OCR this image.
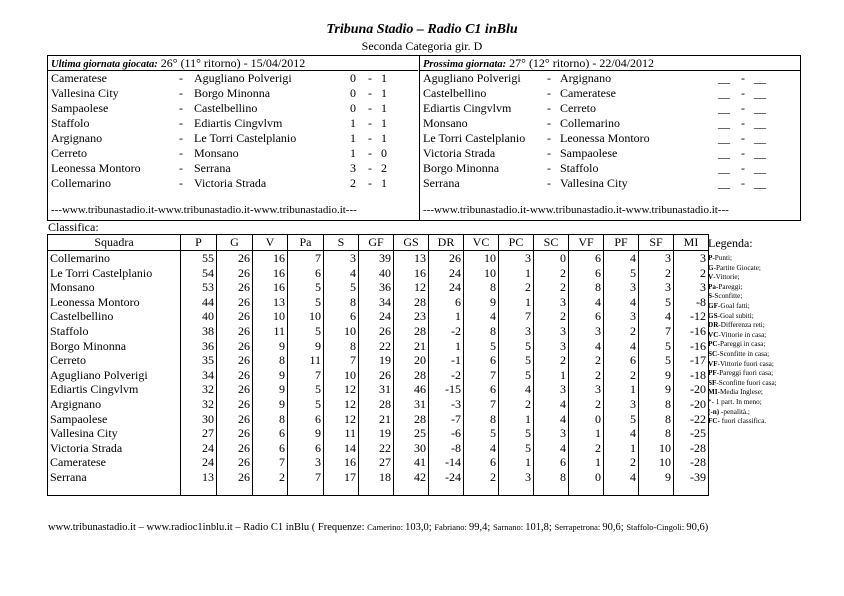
Tribuna Stadio – Radio C1 inBlu
Seconda Categoria gir. D
Ultima giornata giocata: 26° (11° ritorno) - 15/04/2012
Cameratese	- Agugliano Polverigi	0 - 1
Vallesina City	- Borgo Minonna	0 - 1
Sampaolese	- Castelbellino	0 - 1
Staffolo	- Ediartis Cingvlvm	1 - 1
Argignano	- Le Torri Castelplanio	1 - 1
Cerreto	- Monsano	1 - 0
Leonessa Montoro	- Serrana	3 - 2
Collemarino	- Victoria Strada	2 - 1
---www.tribunastadio.it-www.tribunastadio.it-www.tribunastadio.it---
Prossima giornata: 27° (12° ritorno) - 22/04/2012
Agugliano Polverigi - Argignano	__ - __
Castelbellino	- Cameratese	__ - __
Ediartis Cingvlvm	- Cerreto	__ - __
Monsano	- Collemarino	__ - __
Le Torri Castelplanio - Leonessa Montoro	__ - __
Victoria Strada	- Sampaolese	__ - __
Borgo Minonna	- Staffolo	__ - __
Serrana	- Vallesina City	__ - __
---www.tribunastadio.it-www.tribunastadio.it-www.tribunastadio.it---
Classifica:
Squadra	P	G	V	Pa	S	GF	GS	DR	VC	PC	SC	VF	PF	SF	MI
Collemarino	55	26	16	7	3	39	13	26	10	3	0	6	4	3	3
Le Torri Castelplanio	54	26	16	6	4	40	16	24	10	1	2	6	5	2	2
Monsano	53	26	16	5	5	36	12	24	8	2	2	8	3	3	3
Leonessa Montoro	44	26	13	5	8	34	28	6	9	1	3	4	4	5	-8
Castelbellino	40	26	10	10	6	24	23	1	4	7	2	6	3	4	-12
Staffolo	38	26	11	5	10	26	28	-2	8	3	3	3	2	7	-16
Borgo Minonna	36	26	9	9	8	22	21	1	5	5	3	4	4	5	-16
Cerreto	35	26	8	11	7	19	20	-1	6	5	2	2	6	5	-17
Agugliano Polverigi	34	26	9	7	10	26	28	-2	7	5	1	2	2	9	-18
Ediartis Cingvlvm	32	26	9	5	12	31	46	-15	6	4	3	3	1	9	-20
Argignano	32	26	9	5	12	28	31	-3	7	2	4	2	3	8	-20
Sampaolese	30	26	8	6	12	21	28	-7	8	1	4	0	5	8	-22
Vallesina City	27	26	6	9	11	19	25	-6	5	5	3	1	4	8	-25
Victoria Strada	24	26	6	6	14	22	30	-8	4	5	4	2	1	10	-28
Cameratese	24	26	7	3	16	27	41	-14	6	1	6	1	2	10	-28
Serrana	13	26	2	7	17	18	42	-24	2	3	8	0	4	9	-39

Legenda:
P-Punti;
G-Partite Giocate;
V-Vittorie;
Pa-Pareggi;
S-Sconfitte;
GF-Goal fatti;
GS-Goal subiti;
DR-Differenza reti;
VC-Vittorie in casa;
PC-Pareggi in casa;
SC-Sconfitte in casa;
VF-Vittorie fuori casa;
PF-Pareggi fuori casa;
SF-Sconfitte fuori casa;
MI-Media Inglese;
*- 1 part. In meno;
(-n) -penalità.;
FC- fuori classifica.
www.tribunastadio.it – www.radioc1inblu.it – Radio C1 inBlu ( Frequenze: Camerino: 103,0; Fabriano: 99,4; Sarnano: 101,8; Serrapetrona: 90,6; Staffolo-Cingoli: 90,6)
